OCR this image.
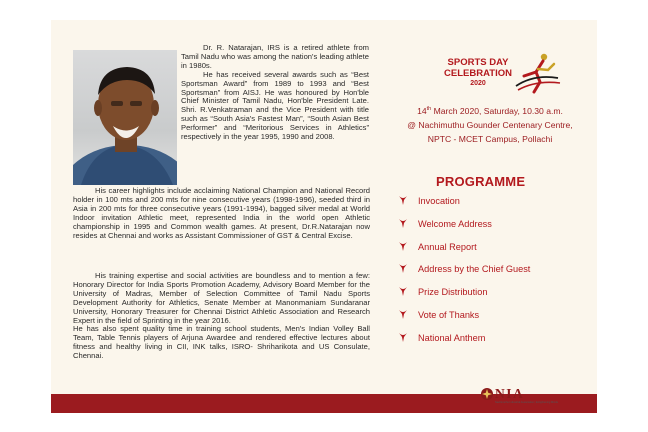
Dr. R. Natarajan, IRS is a retired athlete from Tamil Nadu who was among the nation's leading athlete in 1980s.

He has received several awards such as “Best Sportsman Award” from 1989 to 1993 and “Best Sportsman” from AISJ. He was honoured by Hon'ble Chief Minister of Tamil Nadu, Hon'ble President Late. Shri. R.Venkatraman and the Vice President with title such as “South Asia's Fastest Man”, “South Asian Best Performer” and “Meritorious Services in Athletics” respectively in the year 1995, 1990 and 2008.

His career highlights include acclaiming National Champion and National Record holder in 100 mts and 200 mts for nine consecutive years (1998-1996), seeded third in Asia in 200 mts for three consecutive years (1991-1994), bagged silver medal at World Indoor invitation Athletic meet, represented India in the world open Athletic championship in 1995 and Common wealth games. At present, Dr.R.Natarajan now resides at Chennai and works as Assistant Commissioner of GST & Central Excise.

His training expertise and social activities are boundless and to mention a few: Honorary Director for India Sports Promotion Academy, Advisory Board Member for the University of Madras, Member of Selection Committee of Tamil Nadu Sports Development Authority for Athletics, Senate Member at Manonmaniam Sundaranar University, Honorary Treasurer for Chennai District Athletic Association and Research Expert in the field of Sprinting in the year 2016.

He has also spent quality time in training school students, Men's Indian Volley Ball Team, Table Tennis players of Arjuna Awardee and rendered effective lectures about fitness and healthy living in CII, INK talks, ISRO- Shriharikota and US Consulate, Chennai.

SPORTS DAY
CELEBRATION
2020
14th March 2020, Saturday, 10.30 a.m.
@ Nachimuthu Gounder Centenary Centre,
NPTC - MCET Campus, Pollachi
PROGRAMME
Invocation
Welcome Address
Annual Report
Address by the Chief Guest
Prize Distribution
Vote of Thanks
National Anthem
NIA
Nachimuthu Industrial Association | Enlightening Minds
